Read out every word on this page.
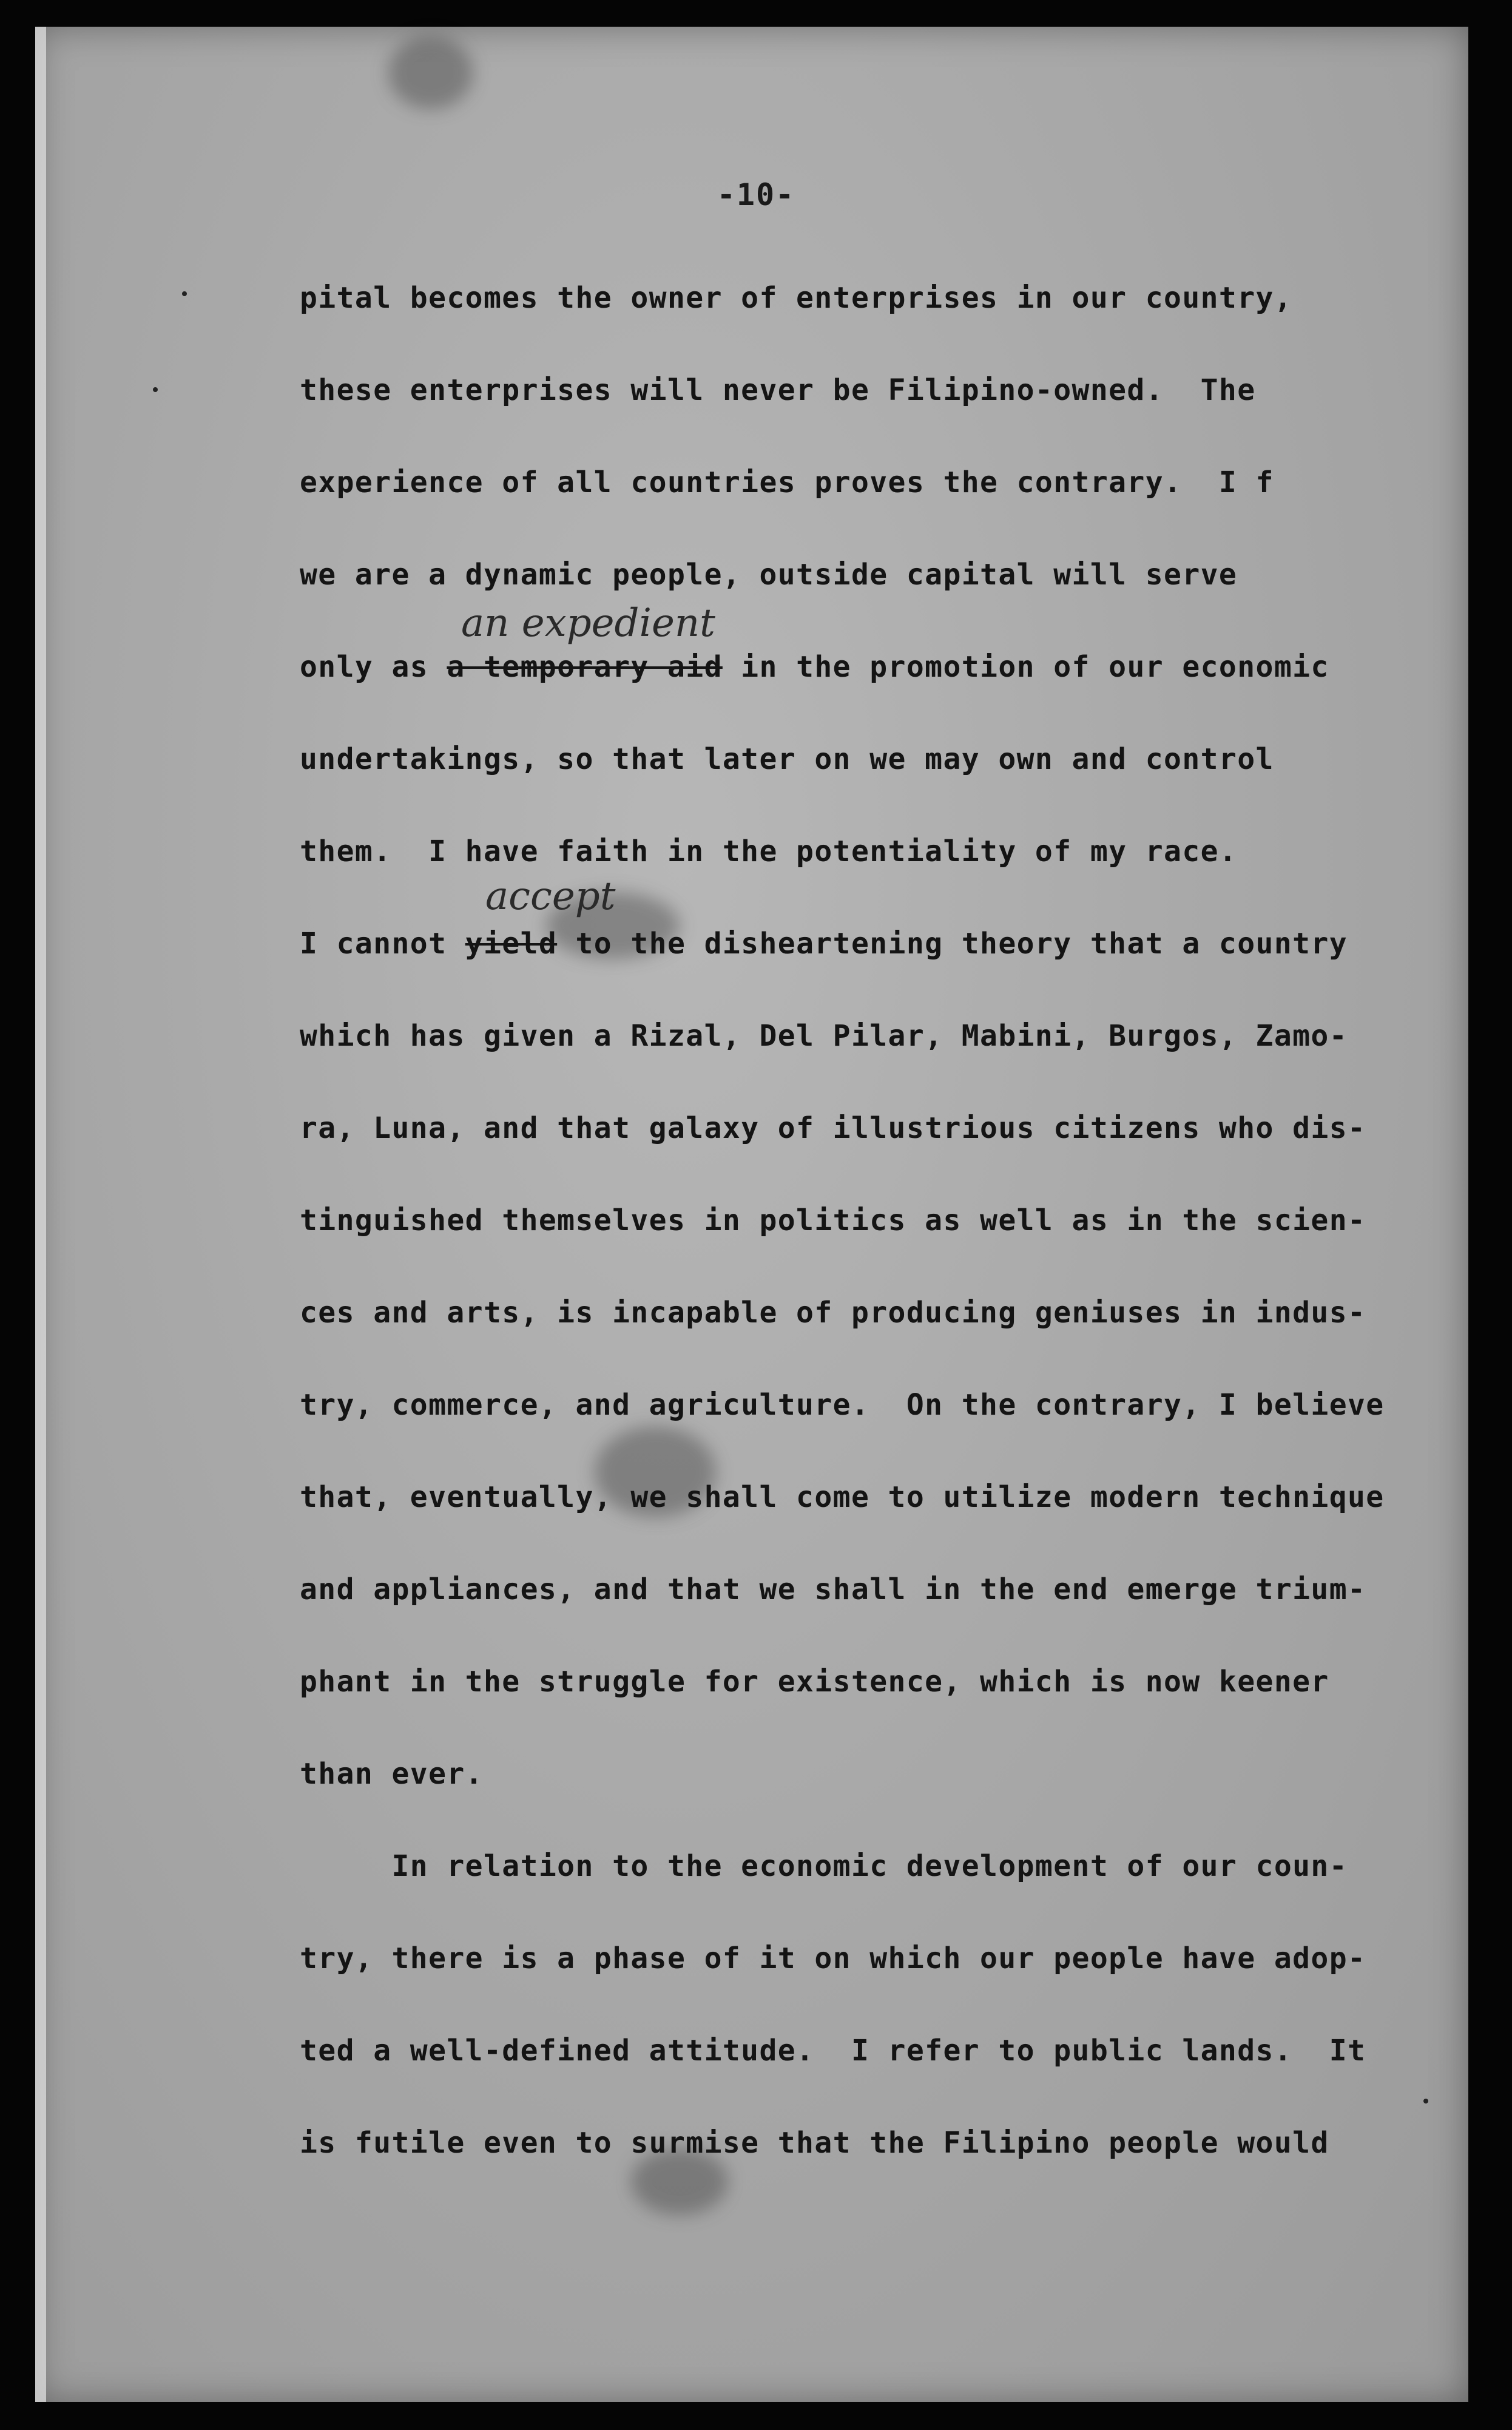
-10-
pital becomes the owner of enterprises in our country,
these enterprises will never be Filipino-owned.  The
experience of all countries proves the contrary.  I f
we are a dynamic people, outside capital will serve
an expedient
only as a temporary aid in the promotion of our economic
undertakings, so that later on we may own and control
them.  I have faith in the potentiality of my race.
accept
I cannot yield to the disheartening theory that a country
which has given a Rizal, Del Pilar, Mabini, Burgos, Zamo-
ra, Luna, and that galaxy of illustrious citizens who dis-
tinguished themselves in politics as well as in the scien-
ces and arts, is incapable of producing geniuses in indus-
try, commerce, and agriculture.  On the contrary, I believe
that, eventually, we shall come to utilize modern technique
and appliances, and that we shall in the end emerge trium-
phant in the struggle for existence, which is now keener
than ever.
In relation to the economic development of our coun-
try, there is a phase of it on which our people have adop-
ted a well-defined attitude.  I refer to public lands.  It
is futile even to surmise that the Filipino people would
